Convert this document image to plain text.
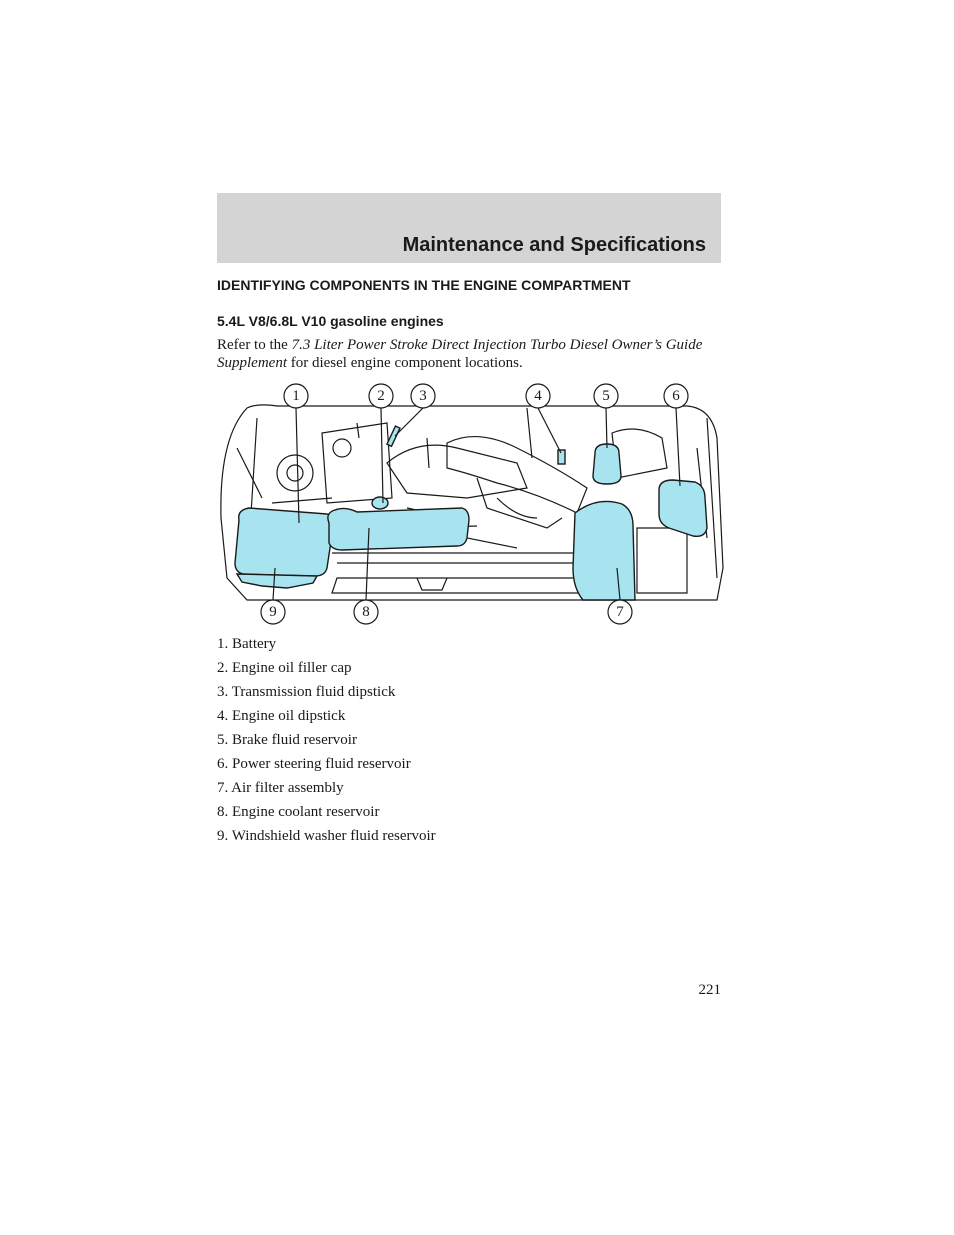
Maintenance and Specifications
IDENTIFYING COMPONENTS IN THE ENGINE COMPARTMENT
5.4L V8/6.8L V10 gasoline engines

Refer to the 7.3 Liter Power Stroke Direct Injection Turbo Diesel Owner’s Guide Supplement for diesel engine component locations.

1	2 3	4	5	6
9	8	7
1. Battery
2. Engine oil filler cap
3. Transmission fluid dipstick
4. Engine oil dipstick
5. Brake fluid reservoir
6. Power steering fluid reservoir
7. Air filter assembly
8. Engine coolant reservoir
9. Windshield washer fluid reservoir

221
